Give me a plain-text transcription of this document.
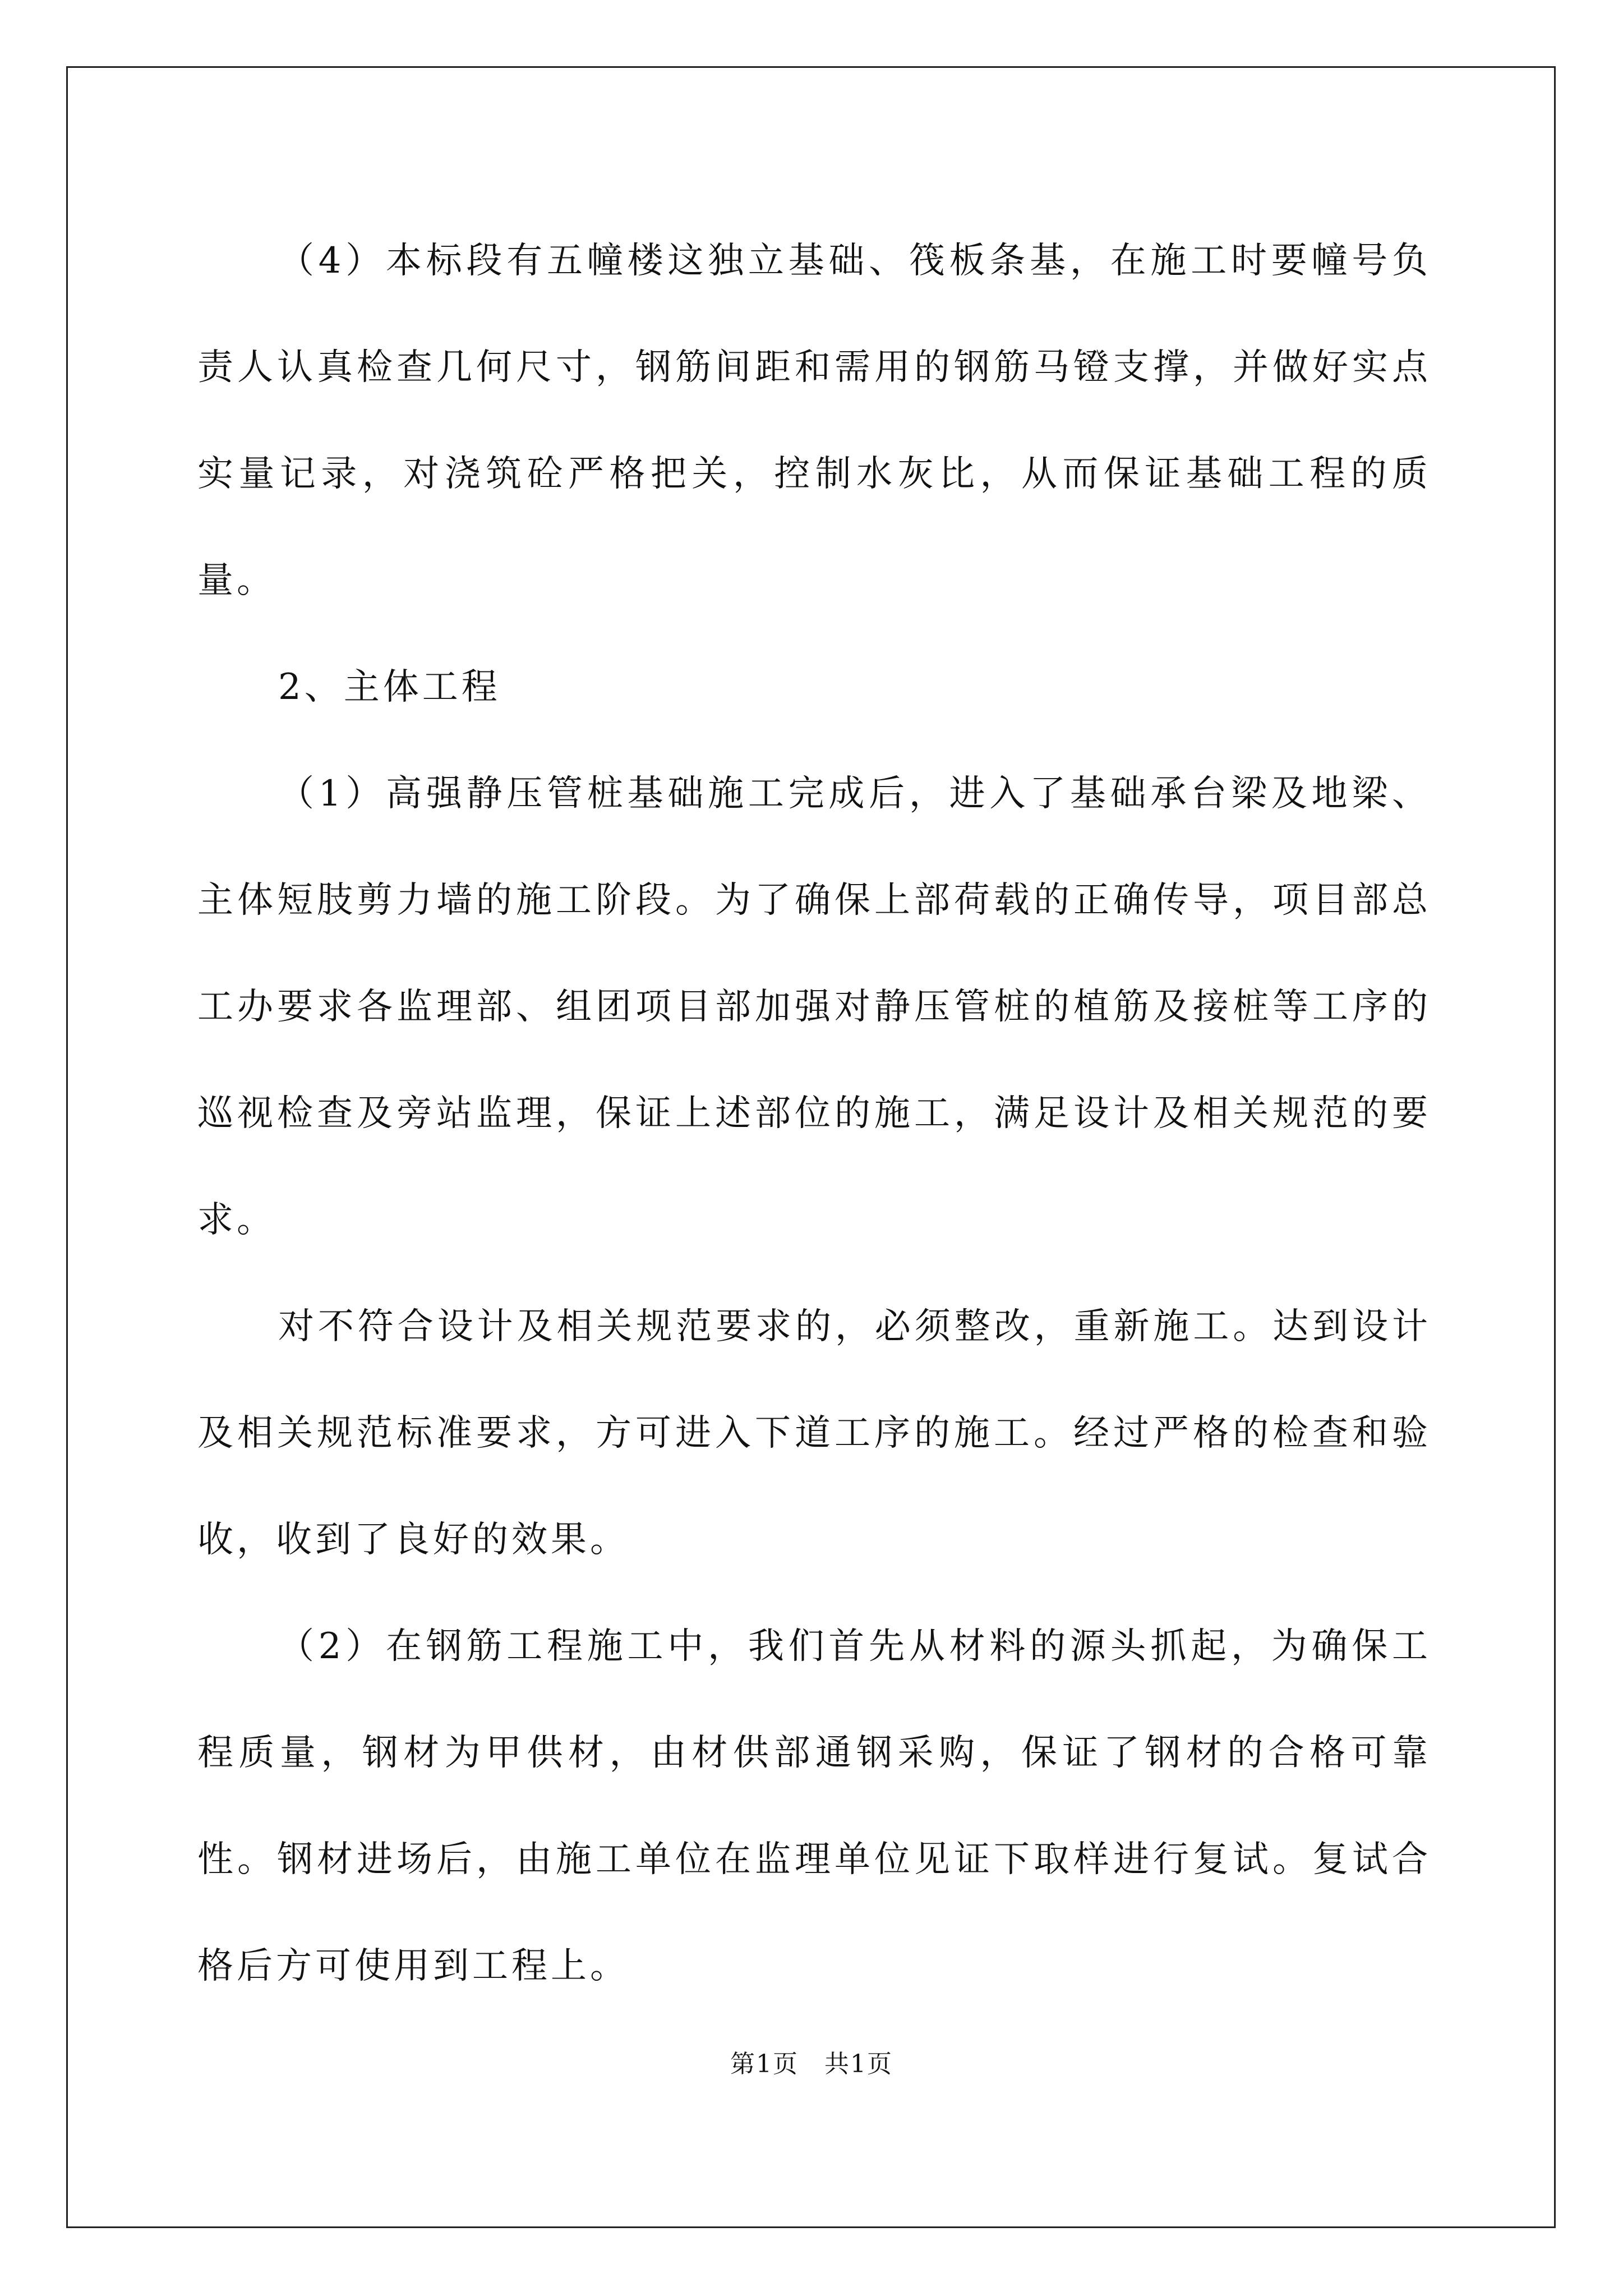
（4）本标段有五幢楼这独立基础、筏板条基，在施工时要幢号负责人认真检查几何尺寸，钢筋间距和需用的钢筋马镫支撑，并做好实点实量记录，对浇筑砼严格把关，控制水灰比，从而保证基础工程的质量。

2、主体工程

（1）高强静压管桩基础施工完成后，进入了基础承台梁及地梁、主体短肢剪力墙的施工阶段。为了确保上部荷载的正确传导，项目部总工办要求各监理部、组团项目部加强对静压管桩的植筋及接桩等工序的巡视检查及旁站监理，保证上述部位的施工，满足设计及相关规范的要求。

对不符合设计及相关规范要求的，必须整改，重新施工。达到设计及相关规范标准要求，方可进入下道工序的施工。经过严格的检查和验收，收到了良好的效果。

（2）在钢筋工程施工中，我们首先从材料的源头抓起，为确保工程质量，钢材为甲供材，由材供部通钢采购，保证了钢材的合格可靠性。钢材进场后，由施工单位在监理单位见证下取样进行复试。复试合格后方可使用到工程上。

第1页　共1页
